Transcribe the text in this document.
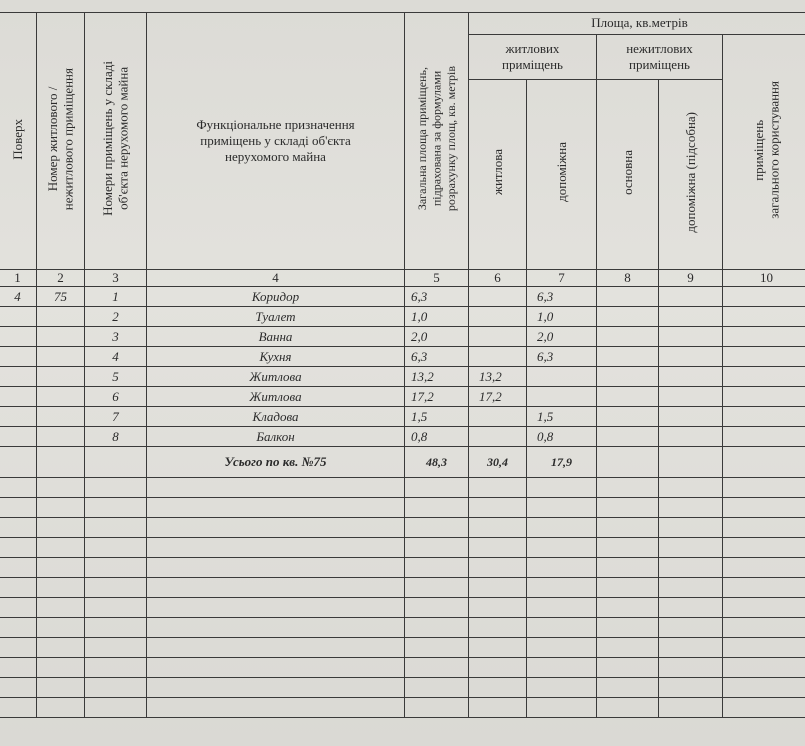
Поверх	Номер житлового /
нежитлового приміщення	Номери приміщень у складі
об'єкта нерухомого майна	Функціональне призначення приміщень у складі об'єкта нерухомого майна	Загальна площа приміщень,
підрахована за формулами
розрахунку площ, кв. метрів	Площа, кв.метрів				
					житлових приміщень		нежитлових приміщень		приміщень
загального користування
					житлова	допоміжна	основна	допоміжна (підсобна)	
1	2	3	4	5	6	7	8	9	10
4	75	1	Коридор	6,3		6,3			
		2	Туалет	1,0		1,0			
		3	Ванна	2,0		2,0			
		4	Кухня	6,3		6,3			
		5	Житлова	13,2	13,2				
		6	Житлова	17,2	17,2				
		7	Кладова	1,5		1,5			
		8	Балкон	0,8		0,8			
			Усього по кв. №75	48,3	30,4	17,9			
